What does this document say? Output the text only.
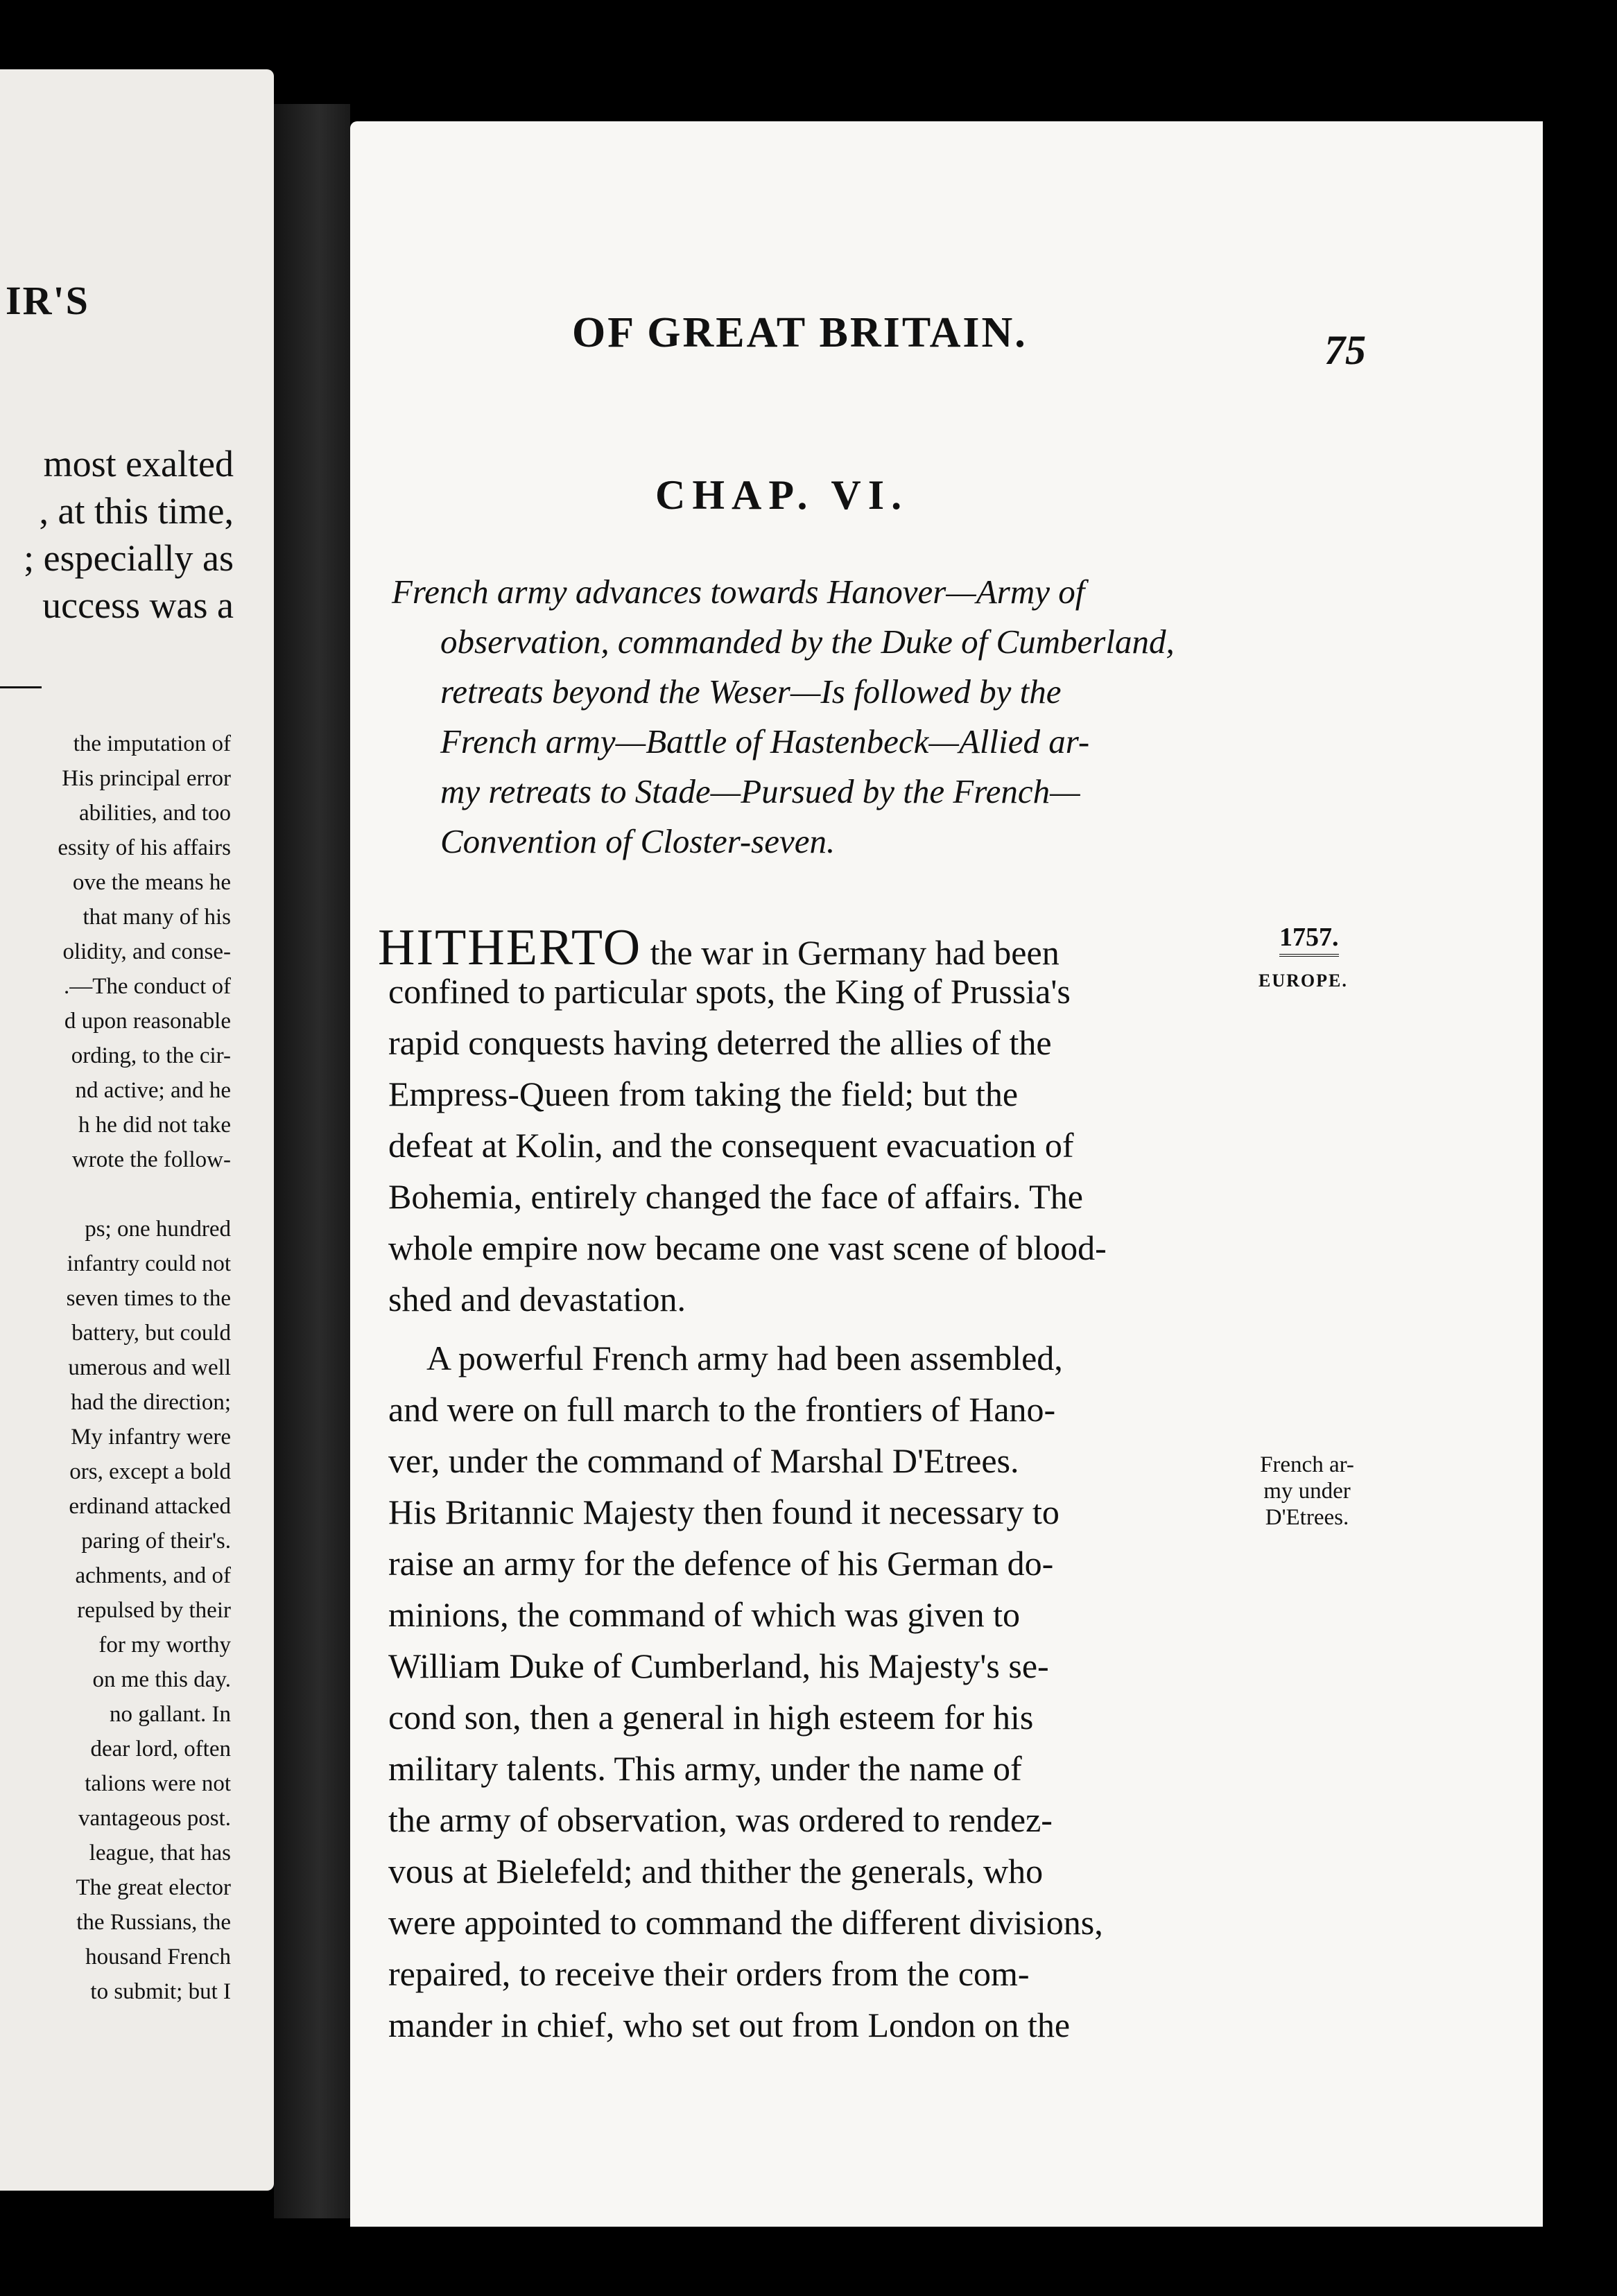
IR'S
most exalted
, at this time,
; especially as
uccess was a
the imputation of
His principal error
abilities, and too
essity of his affairs
ove the means he
that many of his
olidity, and conse-
.—The conduct of
d upon reasonable
ording, to the cir-
nd active; and he
h he did not take
wrote the follow-
ps; one hundred
infantry could not
seven times to the
battery, but could
umerous and well
had the direction;
My infantry were
ors, except a bold
erdinand attacked
paring of their's.
achments, and of
repulsed by their
for my worthy
on me this day.
no gallant. In
dear lord, often
talions were not
vantageous post.
league, that has
The great elector
the Russians, the
housand French
to submit; but I
OF GREAT BRITAIN.	75
CHAP. VI.
French army advances towards Hanover—Army of
observation, commanded by the Duke of Cumberland,
retreats beyond the Weser—Is followed by the
French army—Battle of Hastenbeck—Allied ar-
my retreats to Stade—Pursued by the French—
Convention of Closter-seven.
HITHERTO the war in Germany had been
confined to particular spots, the King of Prussia's
rapid conquests having deterred the allies of the
Empress-Queen from taking the field; but the
defeat at Kolin, and the consequent evacuation of
Bohemia, entirely changed the face of affairs. The
whole empire now became one vast scene of blood-
shed and devastation.
A powerful French army had been assembled,
and were on full march to the frontiers of Hano-
ver, under the command of Marshal D'Etrees.
His Britannic Majesty then found it necessary to
raise an army for the defence of his German do-
minions, the command of which was given to
William Duke of Cumberland, his Majesty's se-
cond son, then a general in high esteem for his
military talents. This army, under the name of
the army of observation, was ordered to rendez-
vous at Bielefeld; and thither the generals, who
were appointed to command the different divisions,
repaired, to receive their orders from the com-
mander in chief, who set out from London on the
1757.
EUROPE.
French ar-
my under
D'Etrees.
